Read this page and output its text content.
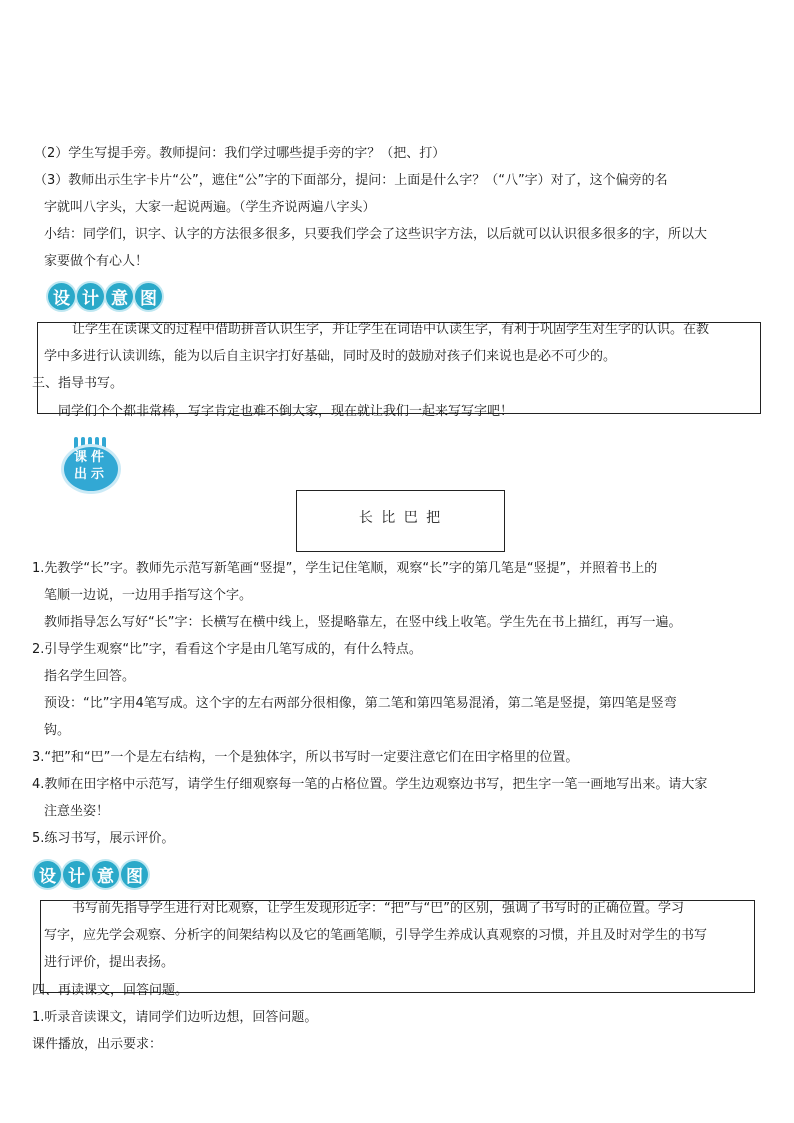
（2）学生写提手旁。教师提问：我们学过哪些提手旁的字？（把、打）
（3）教师出示生字卡片“公”，遮住“公”字的下面部分，提问：上面是什么字？（“八”字）对了，这个偏旁的名
字就叫八字头，大家一起说两遍。（学生齐说两遍八字头）
小结：同学们，识字、认字的方法很多很多，只要我们学会了这些识字方法，以后就可以认识很多很多的字，所以大
家要做个有心人！
设 计 意 图
让学生在读课文的过程中借助拼音认识生字，并让学生在词语中认读生字，有利于巩固学生对生字的认识。在教
学中多进行认读训练，能为以后自主识字打好基础，同时及时的鼓励对孩子们来说也是必不可少的。
三、指导书写。
同学们个个都非常棒，写字肯定也难不倒大家，现在就让我们一起来写写字吧！
课件出示
长 比 巴 把
1.先教学“长”字。教师先示范写新笔画“竖提”，学生记住笔顺，观察“长”字的第几笔是“竖提”，并照着书上的
笔顺一边说，一边用手指写这个字。
教师指导怎么写好“长”字：长横写在横中线上，竖提略靠左，在竖中线上收笔。学生先在书上描红，再写一遍。
2.引导学生观察“比”字，看看这个字是由几笔写成的，有什么特点。
指名学生回答。
预设：“比”字用4笔写成。这个字的左右两部分很相像，第二笔和第四笔易混淆，第二笔是竖提，第四笔是竖弯
钩。
3.“把”和“巴”一个是左右结构，一个是独体字，所以书写时一定要注意它们在田字格里的位置。
4.教师在田字格中示范写，请学生仔细观察每一笔的占格位置。学生边观察边书写，把生字一笔一画地写出来。请大家
注意坐姿！
5.练习书写，展示评价。
设 计 意 图
书写前先指导学生进行对比观察，让学生发现形近字：“把”与“巴”的区别，强调了书写时的正确位置。学习
写字，应先学会观察、分析字的间架结构以及它的笔画笔顺，引导学生养成认真观察的习惯，并且及时对学生的书写
进行评价，提出表扬。
四、再读课文，回答问题。
1.听录音读课文，请同学们边听边想，回答问题。
课件播放，出示要求：
